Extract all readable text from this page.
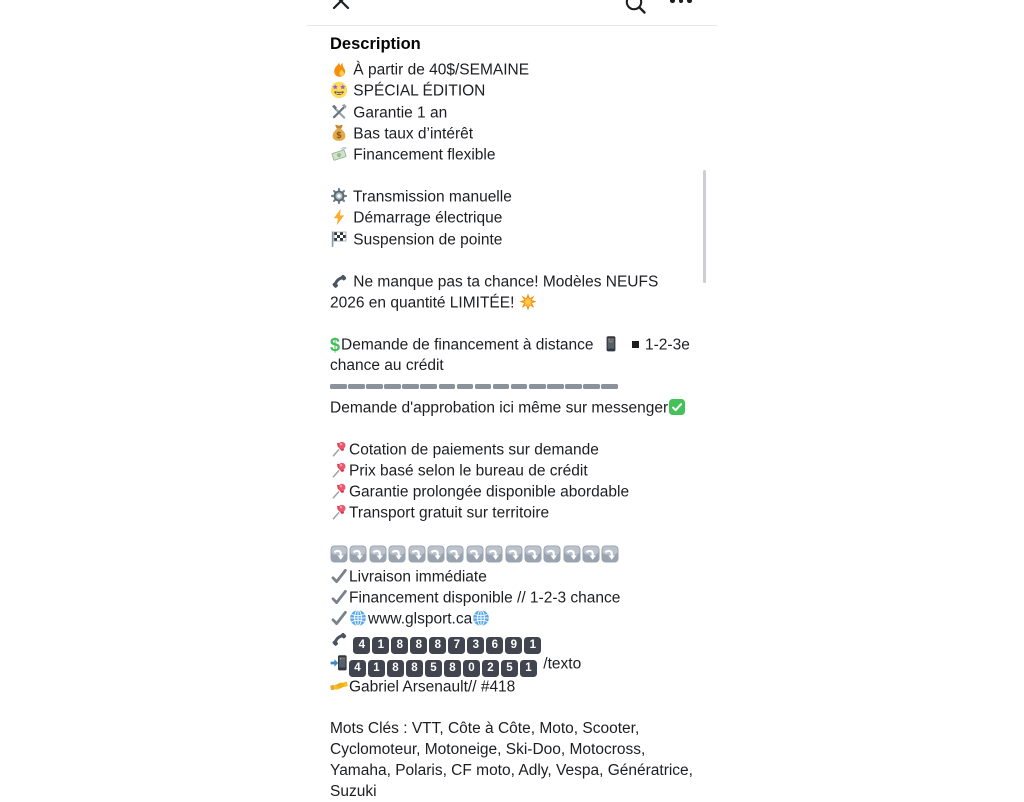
Description
À partir de 40$/SEMAINE
SPÉCIAL ÉDITION
Garantie 1 an
$ Bas taux d’intérêt
Financement flexible
Transmission manuelle
Démarrage électrique
Suspension de pointe
Ne manque pas ta chance! Modèles NEUFS 2026 en quantité LIMITÉE!
$Demande de financement à distance
1-2-3e chance au crédit
Demande d'approbation ici même sur messenger
Cotation de paiements sur demande
Prix basé selon le bureau de crédit
Garantie prolongée disponible abordable
Transport gratuit sur territoire
Livraison immédiate
Financement disponible // 1-2-3 chance
www.glsport.ca
4 1 8 8 8 7 3 6 9 1
4 1 8 8 5 8 0 2 5 1 /texto
Gabriel Arsenault// #418
Mots Clés : VTT, Côte à Côte, Moto, Scooter, Cyclomoteur, Motoneige, Ski-Doo, Motocross, Yamaha, Polaris, CF moto, Adly, Vespa, Génératrice, Suzuki
